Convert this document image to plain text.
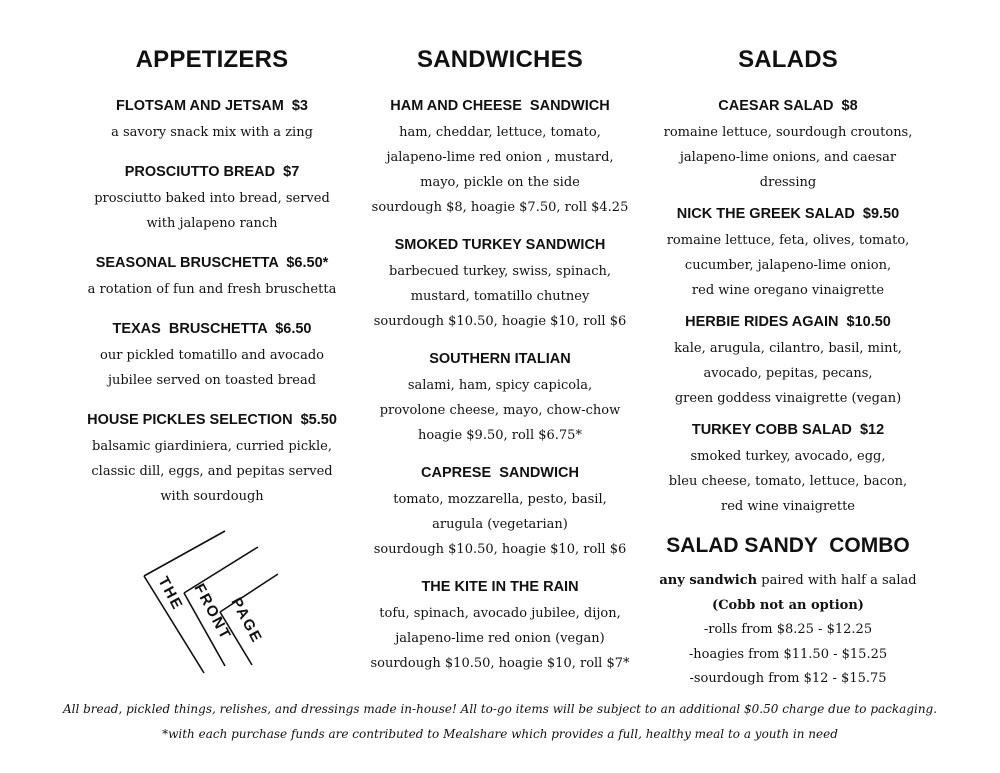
APPETIZERS
FLOTSAM AND JETSAM  $3
a savory snack mix with a zing
PROSCIUTTO BREAD  $7
prosciutto baked into bread, served
with jalapeno ranch
SEASONAL BRUSCHETTA  $6.50*
a rotation of fun and fresh bruschetta
TEXAS  BRUSCHETTA  $6.50
our pickled tomatillo and avocado
jubilee served on toasted bread
HOUSE PICKLES SELECTION  $5.50
balsamic giardiniera, curried pickle,
classic dill, eggs, and pepitas served
with sourdough
SANDWICHES
HAM AND CHEESE  SANDWICH
ham, cheddar, lettuce, tomato,
jalapeno-lime red onion , mustard,
mayo, pickle on the side
sourdough $8, hoagie $7.50, roll $4.25
SMOKED TURKEY SANDWICH
barbecued turkey, swiss, spinach,
mustard, tomatillo chutney
sourdough $10.50, hoagie $10, roll $6
SOUTHERN ITALIAN
salami, ham, spicy capicola,
provolone cheese, mayo, chow-chow
hoagie $9.50, roll $6.75*
CAPRESE  SANDWICH
tomato, mozzarella, pesto, basil,
arugula (vegetarian)
sourdough $10.50, hoagie $10, roll $6
THE KITE IN THE RAIN
tofu, spinach, avocado jubilee, dijon,
jalapeno-lime red onion (vegan)
sourdough $10.50, hoagie $10, roll $7*
SALADS
CAESAR SALAD  $8
romaine lettuce, sourdough croutons,
jalapeno-lime onions, and caesar
dressing
NICK THE GREEK SALAD  $9.50
romaine lettuce, feta, olives, tomato,
cucumber, jalapeno-lime onion,
red wine oregano vinaigrette
HERBIE RIDES AGAIN  $10.50
kale, arugula, cilantro, basil, mint,
avocado, pepitas, pecans,
green goddess vinaigrette (vegan)
TURKEY COBB SALAD  $12
smoked turkey, avocado, egg,
bleu cheese, tomato, lettuce, bacon,
red wine vinaigrette
SALAD SANDY  COMBO
any sandwich paired with half a salad
(Cobb not an option)
-rolls from $8.25 - $12.25
-hoagies from $11.50 - $15.25
-sourdough from $12 - $15.75
THE FRONT
PAGE
All bread, pickled things, relishes, and dressings made in-house! All to-go items will be subject to an additional $0.50 charge due to packaging.
*with each purchase funds are contributed to Mealshare which provides a full, healthy meal to a youth in need
